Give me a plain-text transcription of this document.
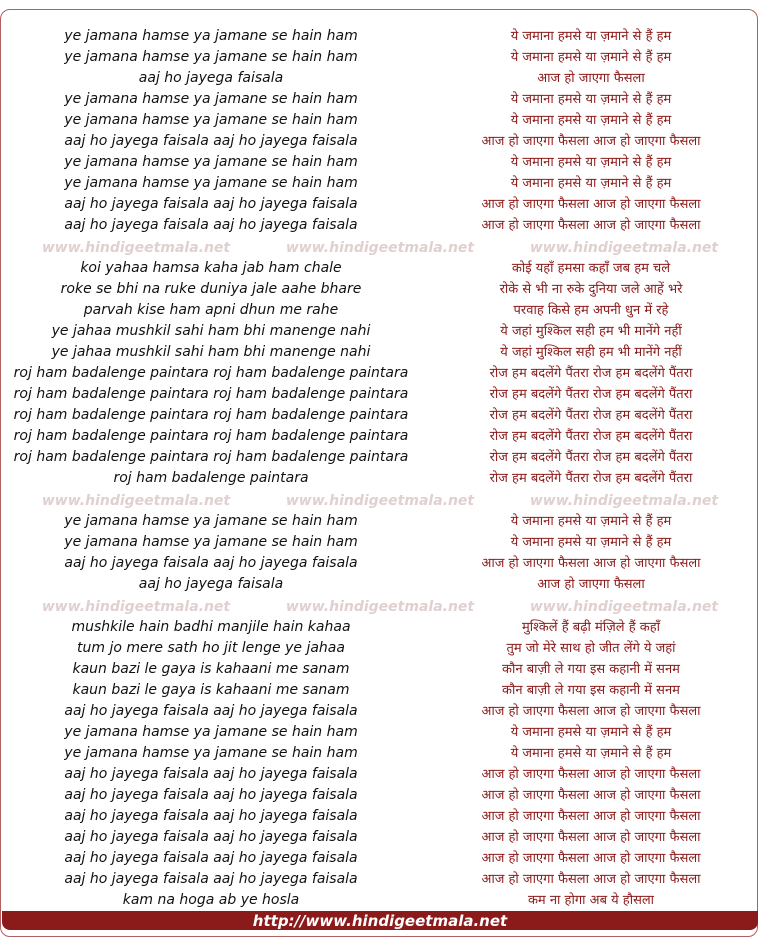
ye jamana hamse ya jamane se hain ham	ये जमाना हमसे या ज़माने से हैं हम
ye jamana hamse ya jamane se hain ham	ये जमाना हमसे या ज़माने से हैं हम
aaj ho jayega faisala	आज हो जाएगा फैसला
ye jamana hamse ya jamane se hain ham	ये जमाना हमसे या ज़माने से हैं हम
ye jamana hamse ya jamane se hain ham	ये जमाना हमसे या ज़माने से हैं हम
aaj ho jayega faisala aaj ho jayega faisala	आज हो जाएगा फैसला आज हो जाएगा फैसला
ye jamana hamse ya jamane se hain ham	ये जमाना हमसे या ज़माने से हैं हम
ye jamana hamse ya jamane se hain ham	ये जमाना हमसे या ज़माने से हैं हम
aaj ho jayega faisala aaj ho jayega faisala	आज हो जाएगा फैसला आज हो जाएगा फैसला
aaj ho jayega faisala aaj ho jayega faisala	आज हो जाएगा फैसला आज हो जाएगा फैसला
www.hindigeetmala.net	www.hindigeetmala.net	www.hindigeetmala.net
koi yahaa hamsa kaha jab ham chale	कोई यहाँ हमसा कहाँ जब हम चले
roke se bhi na ruke duniya jale aahe bhare	रोके से भी ना रुके दुनिया जले आहें भरे
parvah kise ham apni dhun me rahe	परवाह किसे हम अपनी धुन में रहे
ye jahaa mushkil sahi ham bhi manenge nahi	ये जहां मुश्किल सही हम भी मानेंगे नहीं
ye jahaa mushkil sahi ham bhi manenge nahi	ये जहां मुश्किल सही हम भी मानेंगे नहीं
roj ham badalenge paintara roj ham badalenge paintara	रोज हम बदलेंगे पैंतरा रोज हम बदलेंगे पैंतरा
roj ham badalenge paintara roj ham badalenge paintara	रोज हम बदलेंगे पैंतरा रोज हम बदलेंगे पैंतरा
roj ham badalenge paintara roj ham badalenge paintara	रोज हम बदलेंगे पैंतरा रोज हम बदलेंगे पैंतरा
roj ham badalenge paintara roj ham badalenge paintara	रोज हम बदलेंगे पैंतरा रोज हम बदलेंगे पैंतरा
roj ham badalenge paintara roj ham badalenge paintara	रोज हम बदलेंगे पैंतरा रोज हम बदलेंगे पैंतरा
roj ham badalenge paintara	रोज हम बदलेंगे पैंतरा रोज हम बदलेंगे पैंतरा
www.hindigeetmala.net	www.hindigeetmala.net	www.hindigeetmala.net
ye jamana hamse ya jamane se hain ham	ये जमाना हमसे या ज़माने से हैं हम
ye jamana hamse ya jamane se hain ham	ये जमाना हमसे या ज़माने से हैं हम
aaj ho jayega faisala aaj ho jayega faisala	आज हो जाएगा फैसला आज हो जाएगा फैसला
aaj ho jayega faisala	आज हो जाएगा फैसला
www.hindigeetmala.net	www.hindigeetmala.net	www.hindigeetmala.net
mushkile hain badhi manjile hain kahaa	मुश्किलें हैं बढ़ी मंज़िले हैं कहाँ
tum jo mere sath ho jit lenge ye jahaa	तुम जो मेरे साथ हो जीत लेंगे ये जहां
kaun bazi le gaya is kahaani me sanam	कौन बाज़ी ले गया इस कहानी में सनम
kaun bazi le gaya is kahaani me sanam	कौन बाज़ी ले गया इस कहानी में सनम
aaj ho jayega faisala aaj ho jayega faisala	आज हो जाएगा फैसला आज हो जाएगा फैसला
ye jamana hamse ya jamane se hain ham	ये जमाना हमसे या ज़माने से हैं हम
ye jamana hamse ya jamane se hain ham	ये जमाना हमसे या ज़माने से हैं हम
aaj ho jayega faisala aaj ho jayega faisala	आज हो जाएगा फैसला आज हो जाएगा फैसला
aaj ho jayega faisala aaj ho jayega faisala	आज हो जाएगा फैसला आज हो जाएगा फैसला
aaj ho jayega faisala aaj ho jayega faisala	आज हो जाएगा फैसला आज हो जाएगा फैसला
aaj ho jayega faisala aaj ho jayega faisala	आज हो जाएगा फैसला आज हो जाएगा फैसला
aaj ho jayega faisala aaj ho jayega faisala	आज हो जाएगा फैसला आज हो जाएगा फैसला
aaj ho jayega faisala aaj ho jayega faisala	आज हो जाएगा फैसला आज हो जाएगा फैसला
kam na hoga ab ye hosla	कम ना होगा अब ये हौसला
http://www.hindigeetmala.net
